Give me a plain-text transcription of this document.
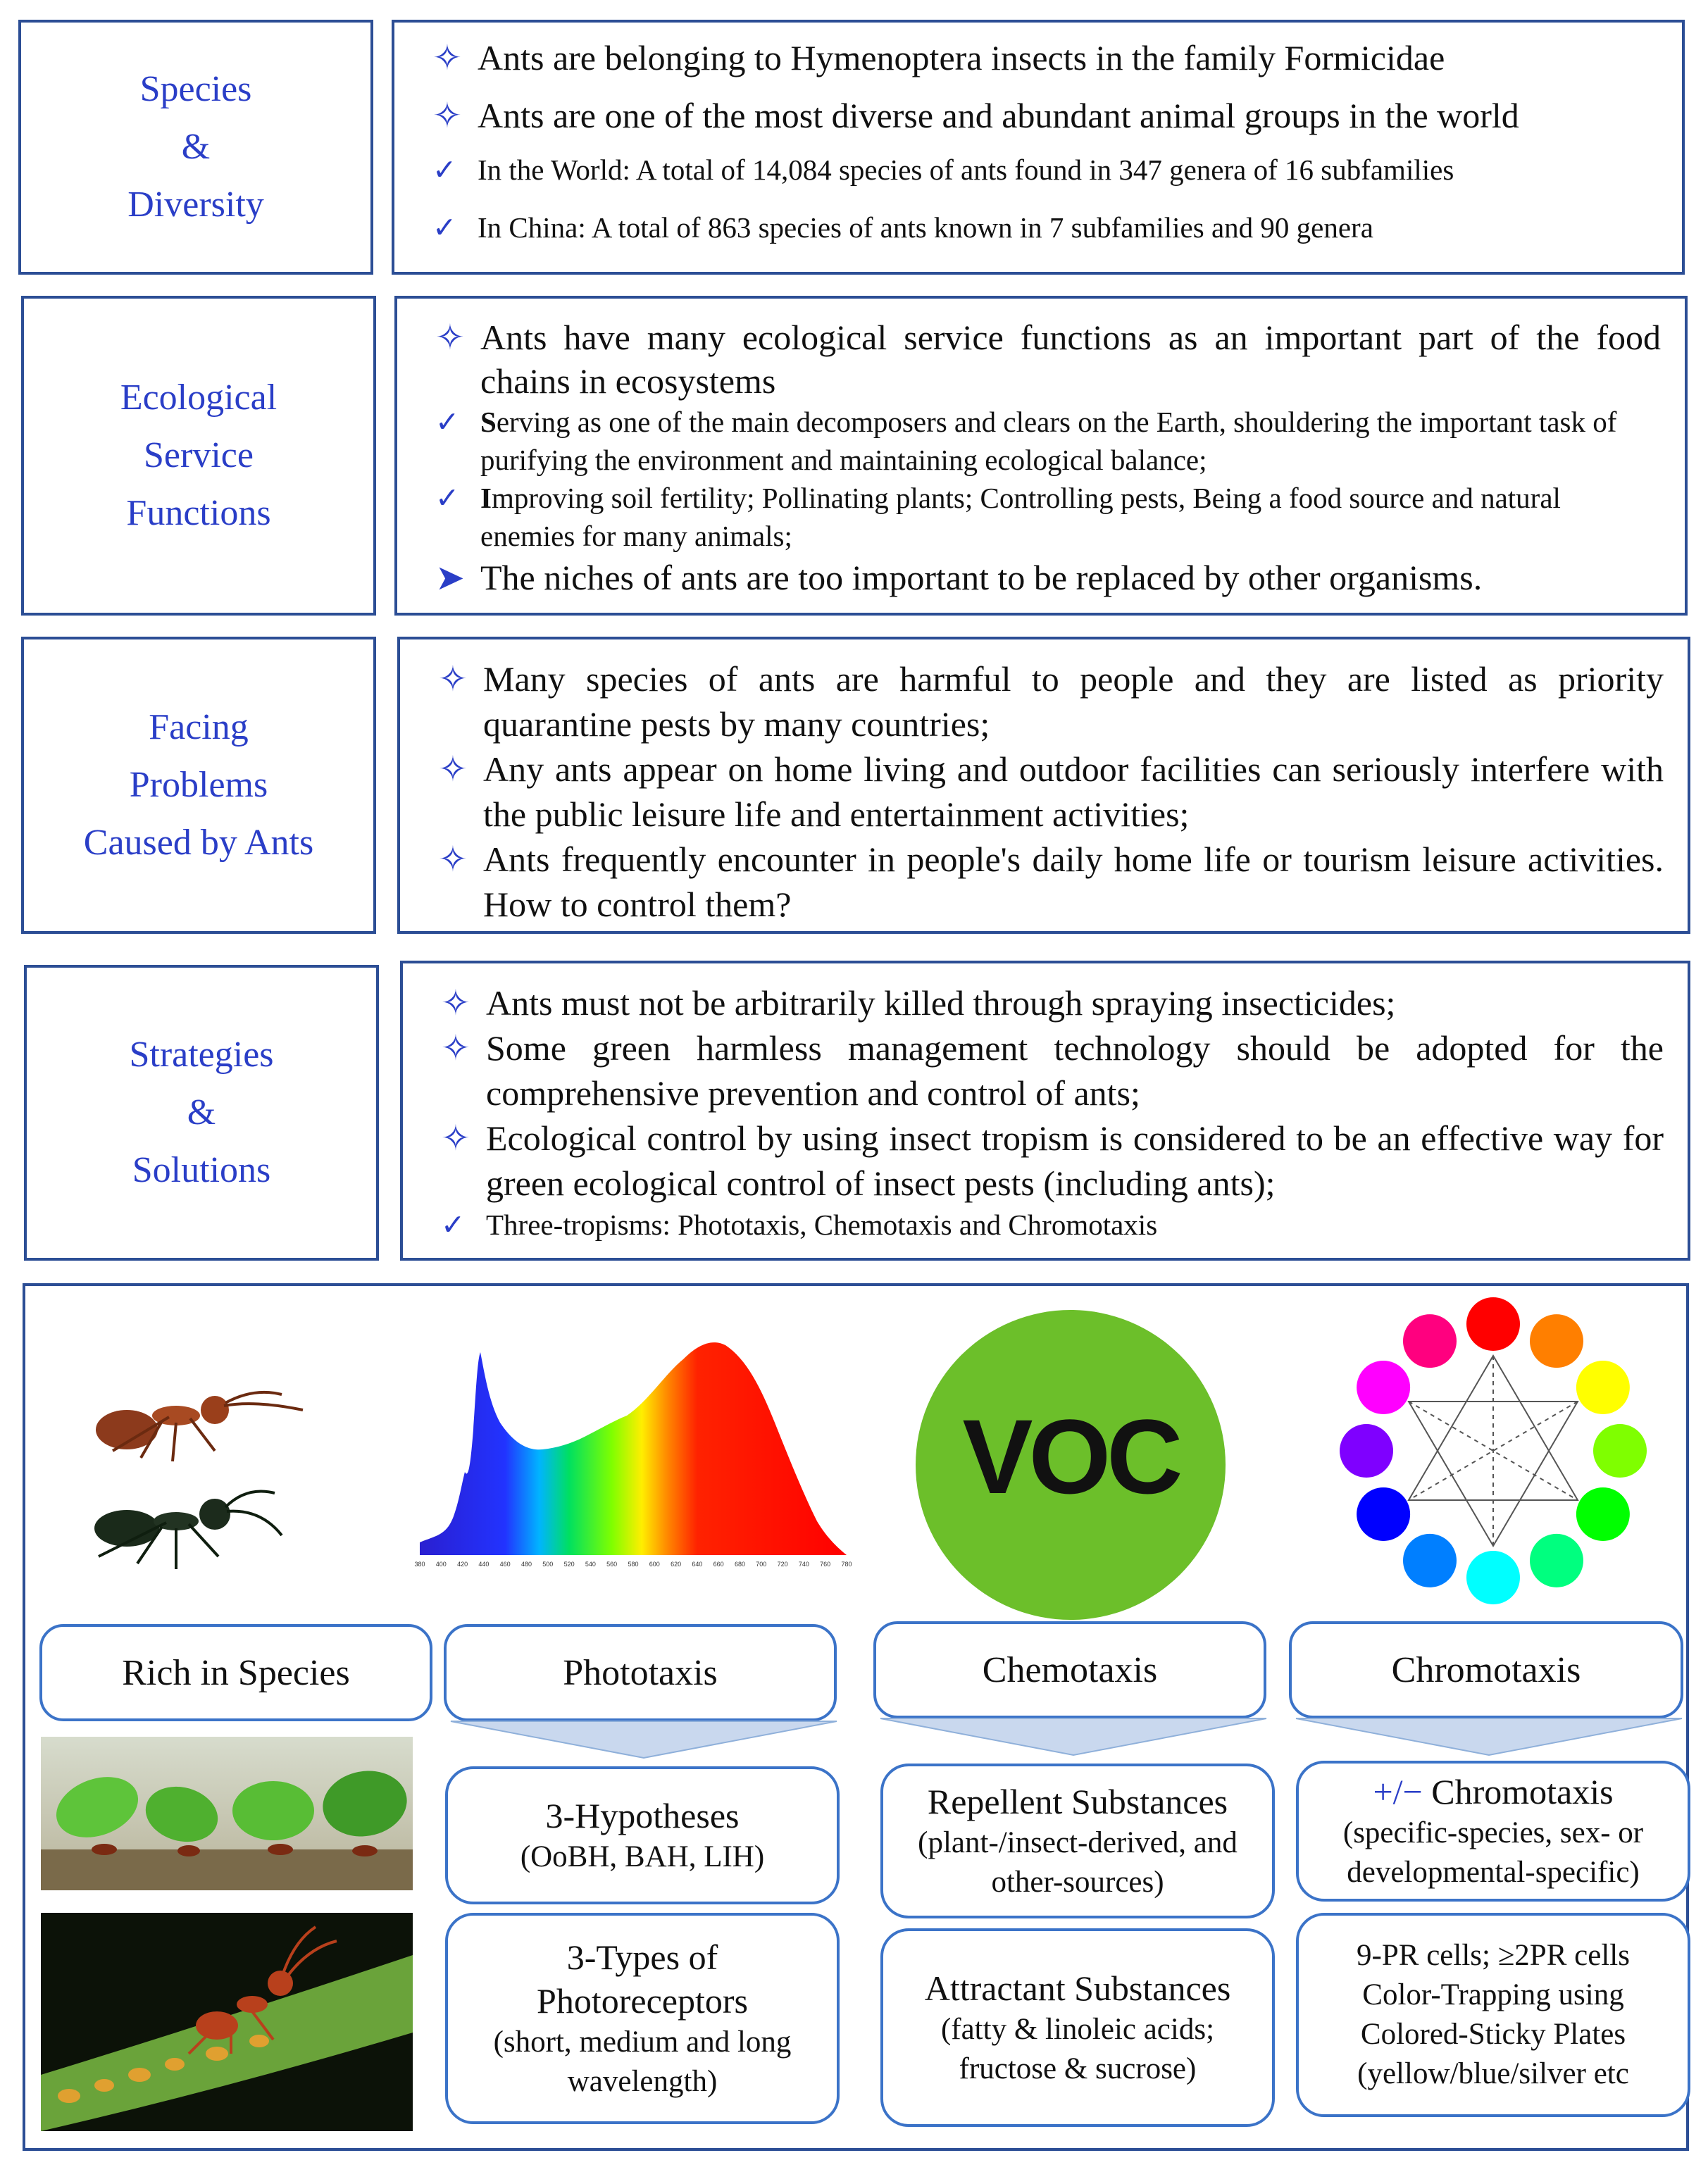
Species
&
Diversity
✧ Ants are belonging to Hymenoptera insects in the family Formicidae
✧ Ants are one of the most diverse and abundant animal groups in the world
✓ In the World: A total of 14,084 species of ants found in 347 genera of 16 subfamilies
✓ In China: A total of 863 species of ants known in 7 subfamilies and 90 genera
Ecological
Service
Functions
✧ Ants have many ecological service functions as an important part of the food chains in ecosystems
✓ Serving as one of the main decomposers and clears on the Earth, shouldering the important task of purifying the environment and maintaining ecological balance;
✓ Improving soil fertility; Pollinating plants; Controlling pests, Being a food source and natural enemies for many animals;
➤ The niches of ants are too important to be replaced by other organisms.
Facing
Problems
Caused by Ants
✧ Many species of ants are harmful to people and they are listed as priority quarantine pests by many countries;
✧ Any ants appear on home living and outdoor facilities can seriously interfere with the public leisure life and entertainment activities;
✧ Ants frequently encounter in people's daily home life or tourism leisure activities. How to control them?
Strategies
&
Solutions
✧ Ants must not be arbitrarily killed through spraying insecticides;
✧ Some green harmless management technology should be adopted for the comprehensive prevention and control of ants;
✧ Ecological control by using insect tropism is considered to be an effective way for green ecological control of insect pests (including ants);
✓ Three-tropisms: Phototaxis, Chemotaxis and Chromotaxis
380 400 420 440 460 480 500 520 540 560 580 600 620 640 660 680 700 720 740 760 780
VOC
Rich in Species	Phototaxis	Chemotaxis	Chromotaxis
3-Hypotheses
(OoBH, BAH, LIH)
3-Types of
Photoreceptors
(short, medium and long
wavelength)
Repellent Substances
(plant-/insect-derived, and
other-sources)
Attractant Substances
(fatty & linoleic acids;
fructose & sucrose)
+/− Chromotaxis
(specific-species, sex- or
developmental-specific)
9-PR cells; ≥2PR cells
Color-Trapping using
Colored-Sticky Plates
(yellow/blue/silver etc
